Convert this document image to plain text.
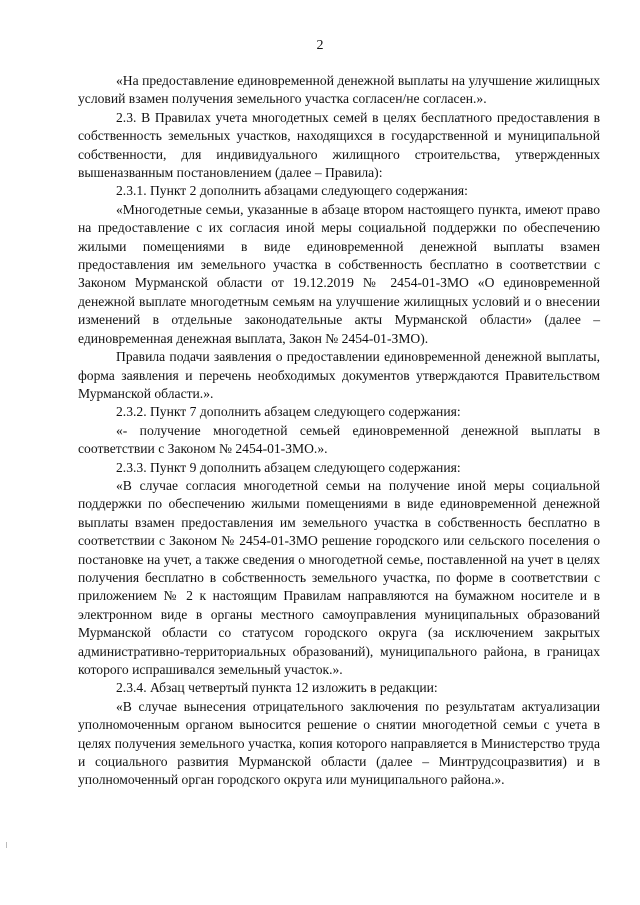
2

«На предоставление единовременной денежной выплаты на улучшение жилищных условий взамен получения земельного участка согласен/не согласен.».

2.3. В Правилах учета многодетных семей в целях бесплатного предоставления в собственность земельных участков, находящихся в государственной и муниципальной собственности, для индивидуального жилищного строительства, утвержденных вышеназванным постановлением (далее – Правила):

2.3.1. Пункт 2 дополнить абзацами следующего содержания:

«Многодетные семьи, указанные в абзаце втором настоящего пункта, имеют право на предоставление с их согласия иной меры социальной поддержки по обеспечению жилыми помещениями в виде единовременной денежной выплаты взамен предоставления им земельного участка в собственность бесплатно в соответствии с Законом Мурманской области от 19.12.2019 № 2454-01-ЗМО «О единовременной денежной выплате многодетным семьям на улучшение жилищных условий и о внесении изменений в отдельные законодательные акты Мурманской области» (далее – единовременная денежная выплата, Закон № 2454-01-ЗМО).

Правила подачи заявления о предоставлении единовременной денежной выплаты, форма заявления и перечень необходимых документов утверждаются Правительством Мурманской области.».

2.3.2. Пункт 7 дополнить абзацем следующего содержания:

«- получение многодетной семьей единовременной денежной выплаты в соответствии с Законом № 2454-01-ЗМО.».

2.3.3. Пункт 9 дополнить абзацем следующего содержания:

«В случае согласия многодетной семьи на получение иной меры социальной поддержки по обеспечению жилыми помещениями в виде единовременной денежной выплаты взамен предоставления им земельного участка в собственность бесплатно в соответствии с Законом № 2454-01-ЗМО решение городского или сельского поселения о постановке на учет, а также сведения о многодетной семье, поставленной на учет в целях получения бесплатно в собственность земельного участка, по форме в соответствии с приложением № 2 к настоящим Правилам направляются на бумажном носителе и в электронном виде в органы местного самоуправления муниципальных образований Мурманской области со статусом городского округа (за исключением закрытых административно-территориальных образований), муниципального района, в границах которого испрашивался земельный участок.».

2.3.4. Абзац четвертый пункта 12 изложить в редакции:

«В случае вынесения отрицательного заключения по результатам актуализации уполномоченным органом выносится решение о снятии многодетной семьи с учета в целях получения земельного участка, копия которого направляется в Министерство труда и социального развития Мурманской области (далее – Минтрудсоцразвития) и в уполномоченный орган городского округа или муниципального района.».
